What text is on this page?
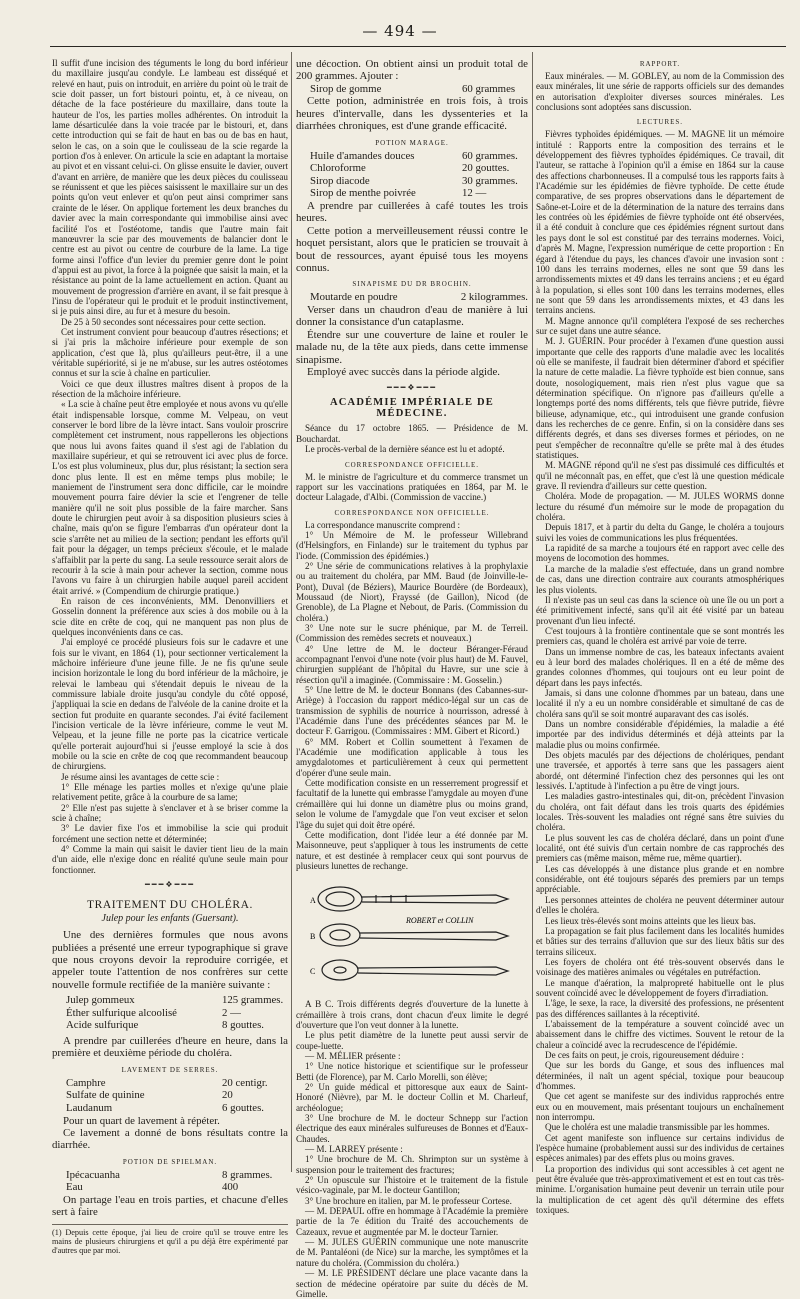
— 494 —

Il suffit d'une incision des téguments le long du bord inférieur du maxillaire jusqu'au condyle. Le lambeau est disséqué et relevé en haut, puis on introduit, en arrière du point où le trait de scie doit passer, un fort bistouri pointu, et, à ce niveau, on détache de la face postérieure du maxillaire, dans toute la hauteur de l'os, les parties molles adhérentes. On introduit la lame désarticulée dans la voie tracée par le bistouri, et, dans cette introduction qui se fait de haut en bas ou de bas en haut, selon le cas, on a soin que le coulisseau de la scie regarde la portion d'os à enlever. On articule la scie en adaptant la mortaise au pivot et en vissant celui-ci. On glisse ensuite le davier, ouvert d'avant en arrière, de manière que les deux pièces du coulisseau se réunissent et que les pièces saisissent le maxillaire sur un des points qu'on veut enlever et qu'on peut ainsi comprimer sans crainte de le léser. On applique fortement les deux branches du davier avec la main correspondante qui immobilise ainsi avec facilité l'os et l'ostéotome, tandis que l'autre main fait manœuvrer la scie par des mouvements de balancier dont le centre est au pivot ou centre de courbure de la lame. La tige forme ainsi l'office d'un levier du premier genre dont le point d'appui est au pivot, la force à la poignée que saisit la main, et la résistance au point de la lame actuellement en action. Quant au mouvement de progression d'arrière en avant, il se fait presque à l'insu de l'opérateur qui le produit et le produit instinctivement, si je puis ainsi dire, au fur et à mesure du besoin.

De 25 à 50 secondes sont nécessaires pour cette section.

Cet instrument convient pour beaucoup d'autres résections; et si j'ai pris la mâchoire inférieure pour exemple de son application, c'est que là, plus qu'ailleurs peut-être, il a une véritable supériorité, si je ne m'abuse, sur les autres ostéotomes connus et sur la scie à chaîne en particulier.

Voici ce que deux illustres maîtres disent à propos de la résection de la mâchoire inférieure.

« La scie à chaîne peut être employée et nous avons vu qu'elle était indispensable lorsque, comme M. Velpeau, on veut conserver le bord libre de la lèvre intact. Sans vouloir proscrire complètement cet instrument, nous rappellerons les objections que nous lui avons faites quand il s'est agi de l'ablation du maxillaire supérieur, et qui se retrouvent ici avec plus de force. L'os est plus volumineux, plus dur, plus résistant; la section sera donc plus lente. Il est en même temps plus mobile; le maniement de l'instrument sera donc difficile, car le moindre mouvement pourra faire dévier la scie et l'engrener de telle manière qu'il ne soit plus possible de la faire marcher. Sans doute le chirurgien peut avoir à sa disposition plusieurs scies à chaîne, mais qu'on se figure l'embarras d'un opérateur dont la scie s'arrête net au milieu de la section; pendant les efforts qu'il fait pour la dégager, un temps précieux s'écoule, et le malade s'affaiblit par la perte du sang. La seule ressource serait alors de recourir à la scie à main pour achever la section, comme nous l'avons vu faire à un chirurgien habile auquel pareil accident était arrivé. » (Compendium de chirurgie pratique.)

En raison de ces inconvénients, MM. Denonvilliers et Gosselin donnent la préférence aux scies à dos mobile ou à la scie dite en crête de coq, qui ne manquent pas non plus de quelques inconvénients dans ce cas.

J'ai employé ce procédé plusieurs fois sur le cadavre et une fois sur le vivant, en 1864 (1), pour sectionner verticalement la mâchoire inférieure d'une jeune fille. Je ne fis qu'une seule incision horizontale le long du bord inférieur de la mâchoire, je relevai le lambeau qui s'étendait depuis le niveau de la commissure labiale droite jusqu'au condyle du côté opposé, j'appliquai la scie en dedans de l'alvéole de la canine droite et la section fut produite en quarante secondes. J'ai évité facilement l'incision verticale de la lèvre inférieure, comme le veut M. Velpeau, et la jeune fille ne porte pas la cicatrice verticale qu'elle porterait aujourd'hui si j'eusse employé la scie à dos mobile ou la scie en crête de coq que recommandent beaucoup de chirurgiens.

Je résume ainsi les avantages de cette scie :

1° Elle ménage les parties molles et n'exige qu'une plaie relativement petite, grâce à la courbure de sa lame;

2° Elle n'est pas sujette à s'enclaver et à se briser comme la scie à chaîne;

3° Le davier fixe l'os et immobilise la scie qui produit forcément une section nette et déterminée;

4° Comme la main qui saisit le davier tient lieu de la main d'un aide, elle n'exige donc en réalité qu'une seule main pour fonctionner.

━━━❖━━━
TRAITEMENT DU CHOLÉRA.
Julep pour les enfants (Guersant).

Une des dernières formules que nous avons publiées a présenté une erreur typographique si grave que nous croyons devoir la reproduire corrigée, et appeler toute l'attention de nos confrères sur cette nouvelle formule rectifiée de la manière suivante :

Julep gommeux	125 grammes.
Éther sulfurique alcoolisé	2 —
Acide sulfurique	8 gouttes.

A prendre par cuillerées d'heure en heure, dans la première et deuxième période du choléra.

LAVEMENT DE SERRES.
Camphre	20 centigr.
Sulfate de quinine	20
Laudanum	6 gouttes.

Pour un quart de lavement à répéter.

Ce lavement a donné de bons résultats contre la diarrhée.

POTION DE SPIELMAN.
Ipécacuanha	8 grammes.
Eau	400

On partage l'eau en trois parties, et chacune d'elles sert à faire

(1) Depuis cette époque, j'ai lieu de croire qu'il se trouve entre les mains de plusieurs chirurgiens et qu'il a pu déjà être expérimenté par d'autres que par moi.

une décoction. On obtient ainsi un produit total de 200 grammes. Ajouter :

Sirop de gomme	60 grammes

Cette potion, administrée en trois fois, à trois heures d'intervalle, dans les dyssenteries et la diarrhées chroniques, est d'une grande efficacité.

POTION MARAGE.
Huile d'amandes douces	60 grammes.
Chloroforme	20 gouttes.
Sirop diacode	30 grammes.
Sirop de menthe poivrée	12 —

A prendre par cuillerées à café toutes les trois heures.

Cette potion a merveilleusement réussi contre le hoquet persistant, alors que le praticien se trouvait à bout de ressources, ayant épuisé tous les moyens connus.

SINAPISME DU DR BROCHIN.
Moutarde en poudre	2 kilogrammes.

Verser dans un chaudron d'eau de manière à lui donner la consistance d'un cataplasme.

Étendre sur une couverture de laine et rouler le malade nu, de la tête aux pieds, dans cette immense sinapisme.

Employé avec succès dans la période algide.

━━━❖━━━
ACADÉMIE IMPÉRIALE DE MÉDECINE.

Séance du 17 octobre 1865. — Présidence de M. Bouchardat.

Le procès-verbal de la dernière séance est lu et adopté.

CORRESPONDANCE OFFICIELLE.

M. le ministre de l'agriculture et du commerce transmet un rapport sur les vaccinations pratiquées en 1864, par M. le docteur Lalagade, d'Albi. (Commission de vaccine.)

CORRESPONDANCE NON OFFICIELLE.

La correspondance manuscrite comprend :

1° Un Mémoire de M. le professeur Willebrand (d'Helsingfors, en Finlande) sur le traitement du typhus par l'iode. (Commission des épidémies.)

2° Une série de communications relatives à la prophylaxie ou au traitement du choléra, par MM. Baud (de Joinville-le-Pont), Duval (de Béziers), Maurice Bourdère (de Bordeaux), Moussaud (de Niort), Frayssé (de Gaillon), Nicod (de Grenoble), de La Plagne et Nebout, de Paris. (Commission du choléra.)

3° Une note sur le sucre phénique, par M. de Terreil. (Commission des remèdes secrets et nouveaux.)

4° Une lettre de M. le docteur Béranger-Féraud accompagnant l'envoi d'une note (voir plus haut) de M. Fauvel, chirurgien suppléant de l'hôpital du Havre, sur une scie à résection qu'il a imaginée. (Commissaire : M. Gosselin.)

5° Une lettre de M. le docteur Bonnans (des Cabannes-sur-Ariège) à l'occasion du rapport médico-légal sur un cas de transmission de syphilis de nourrice à nourrisson, adressé à l'Académie dans l'une des précédentes séances par M. le docteur F. Garrigou. (Commissaires : MM. Gibert et Ricord.)

6° MM. Robert et Collin soumettent à l'examen de l'Académie une modification applicable à tous les amygdalotomes et particulièrement à ceux qui permettent d'opérer d'une seule main.

Cette modification consiste en un resserrement progressif et facultatif de la lunette qui embrasse l'amygdale au moyen d'une crémaillère qui lui donne un diamètre plus ou moins grand, selon le volume de l'amygdale que l'on veut exciser et selon l'âge du sujet qui doit être opéré.

Cette modification, dont l'idée leur a été donnée par M. Maisonneuve, peut s'appliquer à tous les instruments de cette nature, et est destinée à remplacer ceux qui sont pourvus de plusieurs lunettes de rechange.

A
B
C
ROBERT et COLLIN

A B C. Trois différents degrés d'ouverture de la lunette à crémaillère à trois crans, dont chacun d'eux limite le degré d'ouverture que l'on veut donner à la lunette.

Le plus petit diamètre de la lunette peut aussi servir de coupe-luette.

— M. MÉLIER présente :

1° Une notice historique et scientifique sur le professeur Betti (de Florence), par M. Carlo Morelli, son élève;

2° Un guide médical et pittoresque aux eaux de Saint-Honoré (Nièvre), par M. le docteur Collin et M. Charleuf, archéologue;

3° Une brochure de M. le docteur Schnepp sur l'action électrique des eaux minérales sulfureuses de Bonnes et d'Eaux-Chaudes.

— M. LARREY présente :

1° Une brochure de M. Ch. Shrimpton sur un système à suspension pour le traitement des fractures;

2° Un opuscule sur l'histoire et le traitement de la fistule vésico-vaginale, par M. le docteur Gantillon;

3° Une brochure en italien, par M. le professeur Cortese.

— M. DEPAUL offre en hommage à l'Académie la première partie de la 7e édition du Traité des accouchements de Cazeaux, revue et augmentée par M. le docteur Tarnier.

— M. JULES GUÉRIN communique une note manuscrite de M. Pantaléoni (de Nice) sur la marche, les symptômes et la nature du choléra. (Commission du choléra.)

— M. LE PRÉSIDENT déclare une place vacante dans la section de médecine opératoire par suite du décès de M. Gimelle.

RAPPORT.

Eaux minérales. — M. GOBLEY, au nom de la Commission des eaux minérales, lit une série de rapports officiels sur des demandes en autorisation d'exploiter diverses sources minérales. Les conclusions sont adoptées sans discussion.

LECTURES.

Fièvres typhoïdes épidémiques. — M. MAGNE lit un mémoire intitulé : Rapports entre la composition des terrains et le développement des fièvres typhoïdes épidémiques. Ce travail, dit l'auteur, se rattache à l'opinion qu'il a émise en 1864 sur la cause des affections charbonneuses. Il a compulsé tous les rapports faits à l'Académie sur les épidémies de fièvre typhoïde. De cette étude comparative, de ses propres observations dans le département de Saône-et-Loire et de la détermination de la nature des terrains dans les contrées où les épidémies de fièvre typhoïde ont été observées, il a été conduit à conclure que ces épidémies régnent surtout dans les pays dont le sol est constitué par des terrains modernes. Voici, d'après M. Magne, l'expression numérique de cette proportion : En égard à l'étendue du pays, les chances d'avoir une invasion sont : 100 dans les terrains modernes, elles ne sont que 59 dans les arrondissements mixtes et 49 dans les terrains anciens ; et eu égard à la population, si elles sont 100 dans les terrains modernes, elles ne sont que 59 dans les arrondissements mixtes, et 43 dans les terrains anciens.

M. Magne annonce qu'il complétera l'exposé de ses recherches sur ce sujet dans une autre séance.

M. J. GUÉRIN. Pour procéder à l'examen d'une question aussi importante que celle des rapports d'une maladie avec les localités où elle se manifeste, il faudrait bien déterminer d'abord et spécifier la nature de cette maladie. La fièvre typhoïde est bien connue, sans doute, nosologiquement, mais rien n'est plus vague que sa détermination spécifique. On n'ignore pas d'ailleurs qu'elle a longtemps porté des noms différents, tels que fièvre putride, fièvre bilieuse, adynamique, etc., qui introduisent une grande confusion dans les recherches de ce genre. Enfin, si on la considère dans ses différents degrés, et dans ses diverses formes et périodes, on ne peut s'empêcher de reconnaître qu'elle se prête mal à des études statistiques.

M. MAGNE répond qu'il ne s'est pas dissimulé ces difficultés et qu'il ne méconnaît pas, en effet, que c'est là une question médicale grave. Il reviendra d'ailleurs sur cette question.

Choléra. Mode de propagation. — M. JULES WORMS donne lecture du résumé d'un mémoire sur le mode de propagation du choléra.

Depuis 1817, et à partir du delta du Gange, le choléra a toujours suivi les voies de communications les plus fréquentées.

La rapidité de sa marche a toujours été en rapport avec celle des moyens de locomotion des hommes.

La marche de la maladie s'est effectuée, dans un grand nombre de cas, dans une direction contraire aux courants atmosphériques les plus violents.

Il n'existe pas un seul cas dans la science où une île ou un port a été primitivement infecté, sans qu'il ait été visité par un bateau provenant d'un lieu infecté.

C'est toujours à la frontière continentale que se sont montrés les premiers cas, quand le choléra est arrivé par voie de terre.

Dans un immense nombre de cas, les bateaux infectants avaient eu à leur bord des malades cholériques. Il en a été de même des grandes colonnes d'hommes, qui toujours ont eu leur point de départ dans les pays infectés.

Jamais, si dans une colonne d'hommes par un bateau, dans une localité il n'y a eu un nombre considérable et simultané de cas de choléra sans qu'il se soit montré auparavant des cas isolés.

Dans un nombre considérable d'épidémies, la maladie a été importée par des individus déterminés et déjà atteints par la maladie plus ou moins confirmée.

Des objets maculés par des déjections de cholériques, pendant une traversée, et apportés à terre sans que les passagers aient abordé, ont déterminé l'infection chez des personnes qui les ont lessivés. L'aptitude à l'infection a pu être de vingt jours.

Les maladies gastro-intestinales qui, dit-on, précèdent l'invasion du choléra, ont fait défaut dans les trois quarts des épidémies locales. Très-souvent les maladies ont régné sans être suivies du choléra.

Le plus souvent les cas de choléra déclaré, dans un point d'une localité, ont été suivis d'un certain nombre de cas rapprochés des premiers cas (même maison, même rue, même quartier).

Les cas développés à une distance plus grande et en nombre considérable, ont été toujours séparés des premiers par un temps appréciable.

Les personnes atteintes de choléra ne peuvent déterminer autour d'elles le choléra.

Les lieux très-élevés sont moins atteints que les lieux bas.

La propagation se fait plus facilement dans les localités humides et bâties sur des terrains d'alluvion que sur des lieux bâtis sur des terrains siliceux.

Les foyers de choléra ont été très-souvent observés dans le voisinage des matières animales ou végétales en putréfaction.

Le manque d'aération, la malpropreté habituelle ont le plus souvent coïncidé avec le développement de foyers d'irradiation.

L'âge, le sexe, la race, la diversité des professions, ne présentent pas des différences saillantes à la réceptivité.

L'abaissement de la température a souvent coïncidé avec un abaissement dans le chiffre des victimes. Souvent le retour de la chaleur a coïncidé avec la recrudescence de l'épidémie.

De ces faits on peut, je crois, rigoureusement déduire :

Que sur les bords du Gange, et sous des influences mal déterminées, il naît un agent spécial, toxique pour beaucoup d'hommes.

Que cet agent se manifeste sur des individus rapprochés entre eux ou en mouvement, mais présentant toujours un enchaînement non interrompu.

Que le choléra est une maladie transmissible par les hommes.

Cet agent manifeste son influence sur certains individus de l'espèce humaine (probablement aussi sur des individus de certaines espèces animales) par des effets plus ou moins graves.

La proportion des individus qui sont accessibles à cet agent ne peut être évaluée que très-approximativement et est en tout cas très-minime. L'organisation humaine peut devenir un terrain utile pour la multiplication de cet agent dès qu'il détermine des effets toxiques.
